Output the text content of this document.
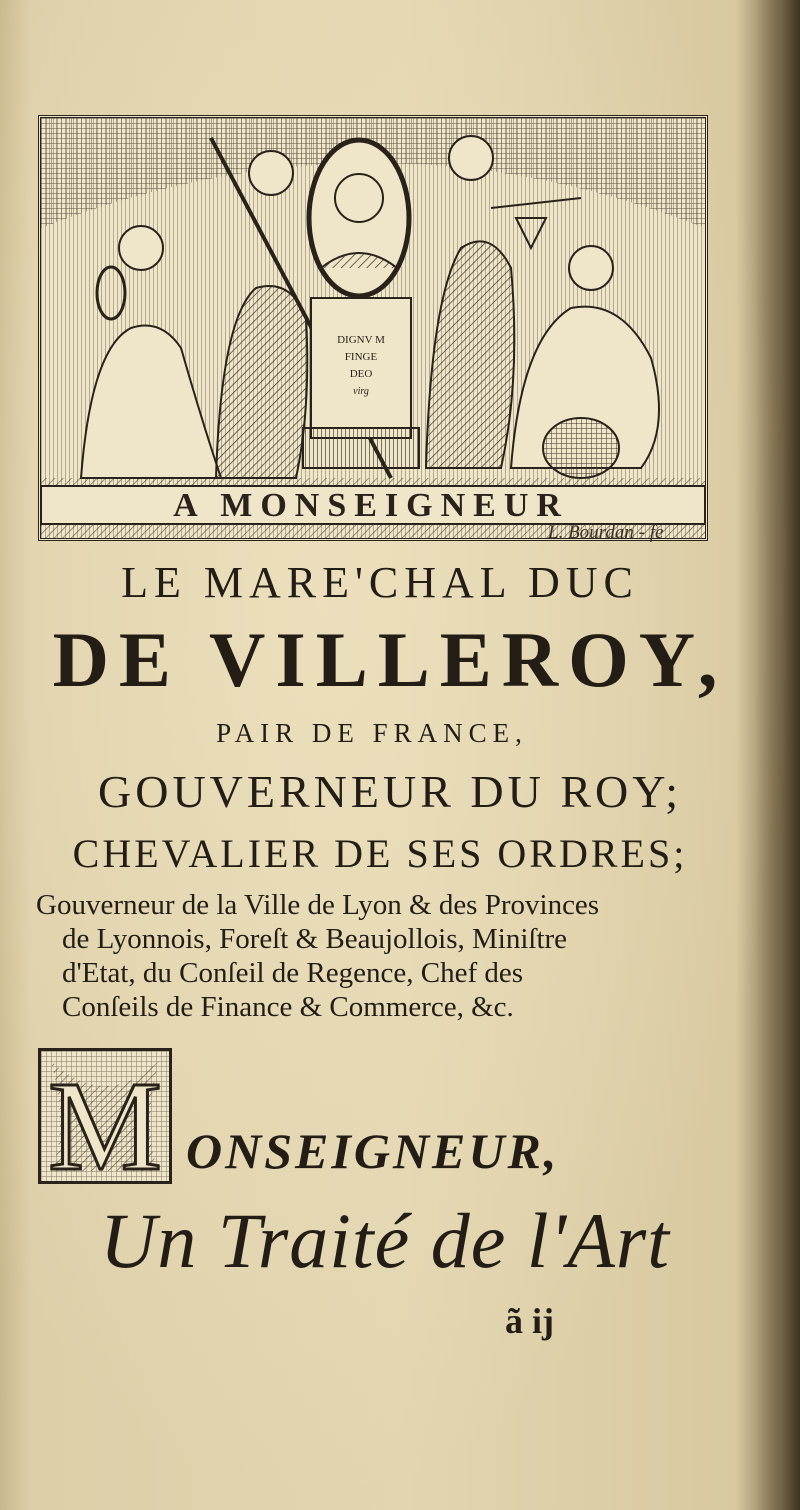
DIGNV M
FINGE
DEO
virg
A MONSEIGNEUR
L. Bourdan - fe
LE MARE'CHAL DUC
DE VILLEROY,
PAIR DE FRANCE,
GOUVERNEUR DU ROY;
CHEVALIER DE SES ORDRES;
Gouverneur de la Ville de Lyon & des Provinces
de Lyonnois, Foreſt & Beaujollois, Miniſtre
d'Etat, du Conſeil de Regence, Chef des
Conſeils de Finance & Commerce, &c.
M ONSEIGNEUR,
Un Traité de l'Art
ã ij
